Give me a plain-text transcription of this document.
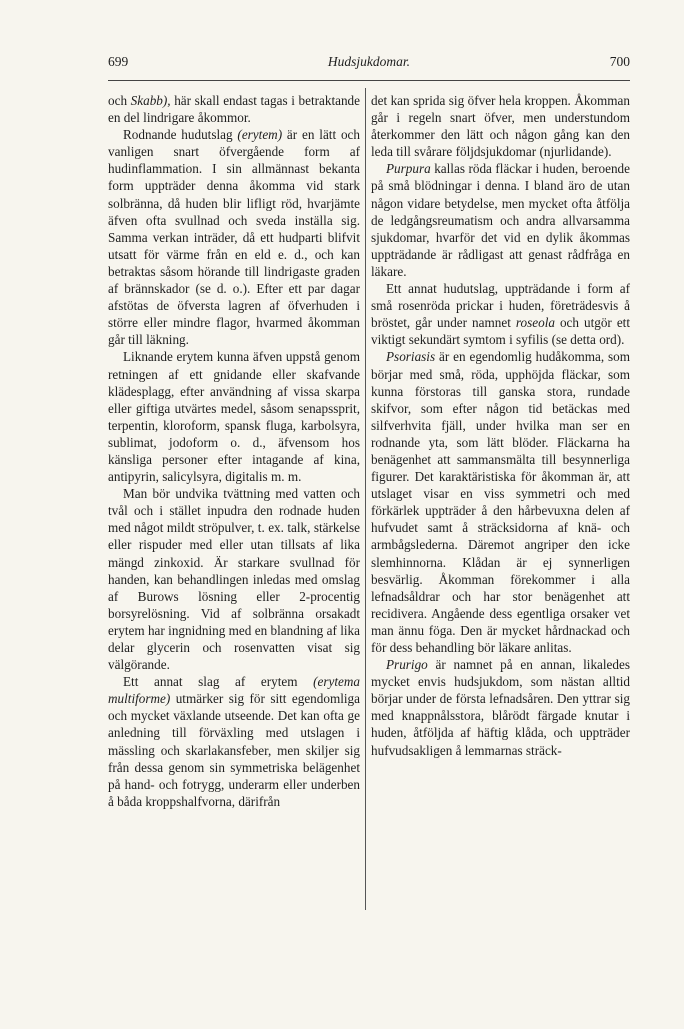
699	Hudsjukdomar.	700

och Skabb), här skall endast tagas i betraktande en del lindrigare åkommor.

Rodnande hudutslag (erytem) är en lätt och vanligen snart öfvergående form af hudinflammation. I sin allmännast bekanta form uppträder denna åkomma vid stark solbränna, då huden blir lifligt röd, hvarjämte äfven ofta svullnad och sveda inställa sig. Samma verkan inträder, då ett hudparti blifvit utsatt för värme från en eld e. d., och kan betraktas såsom hörande till lindrigaste graden af brännskador (se d. o.). Efter ett par dagar afstötas de öfversta lagren af öfverhuden i större eller mindre flagor, hvarmed åkomman går till läkning.

Liknande erytem kunna äfven uppstå genom retningen af ett gnidande eller skafvande klädesplagg, efter användning af vissa skarpa eller giftiga utvärtes medel, såsom senapssprit, terpentin, kloroform, spansk fluga, karbolsyra, sublimat, jodoform o. d., äfvensom hos känsliga personer efter intagande af kina, antipyrin, salicylsyra, digitalis m. m.

Man bör undvika tvättning med vatten och tvål och i stället inpudra den rodnade huden med något mildt ströpulver, t. ex. talk, stärkelse eller rispuder med eller utan tillsats af lika mängd zinkoxid. Är starkare svullnad för handen, kan behandlingen inledas med omslag af Burows lösning eller 2-procentig borsyrelösning. Vid af solbränna orsakadt erytem har ingnidning med en blandning af lika delar glycerin och rosenvatten visat sig välgörande.

Ett annat slag af erytem (erytema multiforme) utmärker sig för sitt egendomliga och mycket växlande utseende. Det kan ofta ge anledning till förväxling med utslagen i mässling och skarlakansfeber, men skiljer sig från dessa genom sin symmetriska belägenhet på hand- och fotrygg, underarm eller underben å båda kroppshalfvorna, därifrån

det kan sprida sig öfver hela kroppen. Åkomman går i regeln snart öfver, men understundom återkommer den lätt och någon gång kan den leda till svårare följdsjukdomar (njurlidande).

Purpura kallas röda fläckar i huden, beroende på små blödningar i denna. I bland äro de utan någon vidare betydelse, men mycket ofta åtfölja de ledgångsreumatism och andra allvarsamma sjukdomar, hvarför det vid en dylik åkommas uppträdande är rådligast att genast rådfråga en läkare.

Ett annat hudutslag, uppträdande i form af små rosenröda prickar i huden, företrädesvis å bröstet, går under namnet roseola och utgör ett viktigt sekundärt symtom i syfilis (se detta ord).

Psoriasis är en egendomlig hudåkomma, som börjar med små, röda, upphöjda fläckar, som kunna förstoras till ganska stora, rundade skifvor, som efter någon tid betäckas med silfverhvita fjäll, under hvilka man ser en rodnande yta, som lätt blöder. Fläckarna ha benägenhet att sammansmälta till besynnerliga figurer. Det karaktäristiska för åkomman är, att utslaget visar en viss symmetri och med förkärlek uppträder å den hårbevuxna delen af hufvudet samt å sträcksidorna af knä- och armbågslederna. Däremot angriper den icke slemhinnorna. Klådan är ej synnerligen besvärlig. Åkomman förekommer i alla lefnadsåldrar och har stor benägenhet att recidivera. Angående dess egentliga orsaker vet man ännu föga. Den är mycket hårdnackad och för dess behandling bör läkare anlitas.

Prurigo är namnet på en annan, likaledes mycket envis hudsjukdom, som nästan alltid börjar under de första lefnadsåren. Den yttrar sig med knappnålsstora, blårödt färgade knutar i huden, åtföljda af häftig klåda, och uppträder hufvudsakligen å lemmarnas sträck-
